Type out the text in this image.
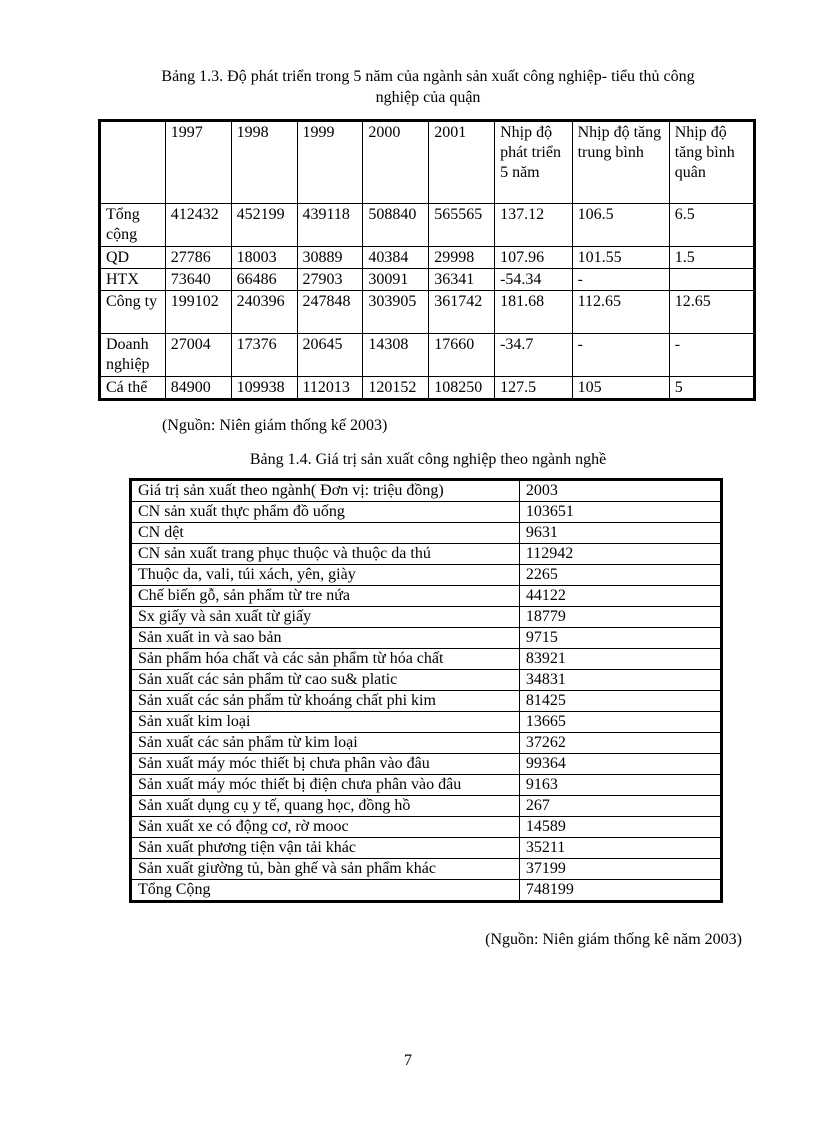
Bảng 1.3. Độ phát triển trong 5 năm của ngành sản xuất công nghiệp- tiểu thủ công
nghiệp của quận
	1997	1998	1999	2000	2001	Nhịp độ phát triển 5 năm	Nhịp độ tăng trung bình	Nhịp độ tăng bình quân
Tổng cộng	412432	452199	439118	508840	565565	137.12	106.5	6.5
QD	27786	18003	30889	40384	29998	107.96	101.55	1.5
HTX	73640	66486	27903	30091	36341	-54.34	-	
Công ty	199102	240396	247848	303905	361742	181.68	112.65	12.65
Doanh nghiệp	27004	17376	20645	14308	17660	-34.7	-	-
Cá thể	84900	109938	112013	120152	108250	127.5	105	5
(Nguồn: Niên giám thống kế 2003)
Bảng 1.4. Giá trị sản xuất công nghiệp theo ngành nghề
Giá trị sản xuất theo ngành( Đơn vị: triệu đồng)	2003
CN sản xuất thực phẩm đồ uống	103651
CN dệt	9631
CN sản xuất trang phục thuộc và thuộc da thú	112942
Thuộc da, vali, túi xách, yên, giày	2265
Chế biến gỗ, sản phẩm từ tre nứa	44122
Sx giấy và sản xuất từ giấy	18779
Sản xuất in và sao bản	9715
Sản phẩm hóa chất và các sản phẩm từ hóa chất	83921
Sản xuất các sản phẩm từ cao su& platic	34831
Sản xuất các sản phẩm từ khoáng chất phi kim	81425
Sản xuất kim loại	13665
Sản xuất các sản phẩm từ kim loại	37262
Sản xuất máy móc thiết bị chưa phân vào đâu	99364
Sản xuất máy móc thiết bị điện chưa phân vào đâu	9163
Sản xuất dụng cụ y tế, quang học, đồng hồ	267
Sản xuất xe có động cơ, rờ mooc	14589
Sản xuất phương tiện vận tải khác	35211
Sản xuất giường tủ, bàn ghế và sản phẩm khác	37199
Tổng Cộng	748199
(Nguồn: Niên giám thống kê năm 2003)
7
